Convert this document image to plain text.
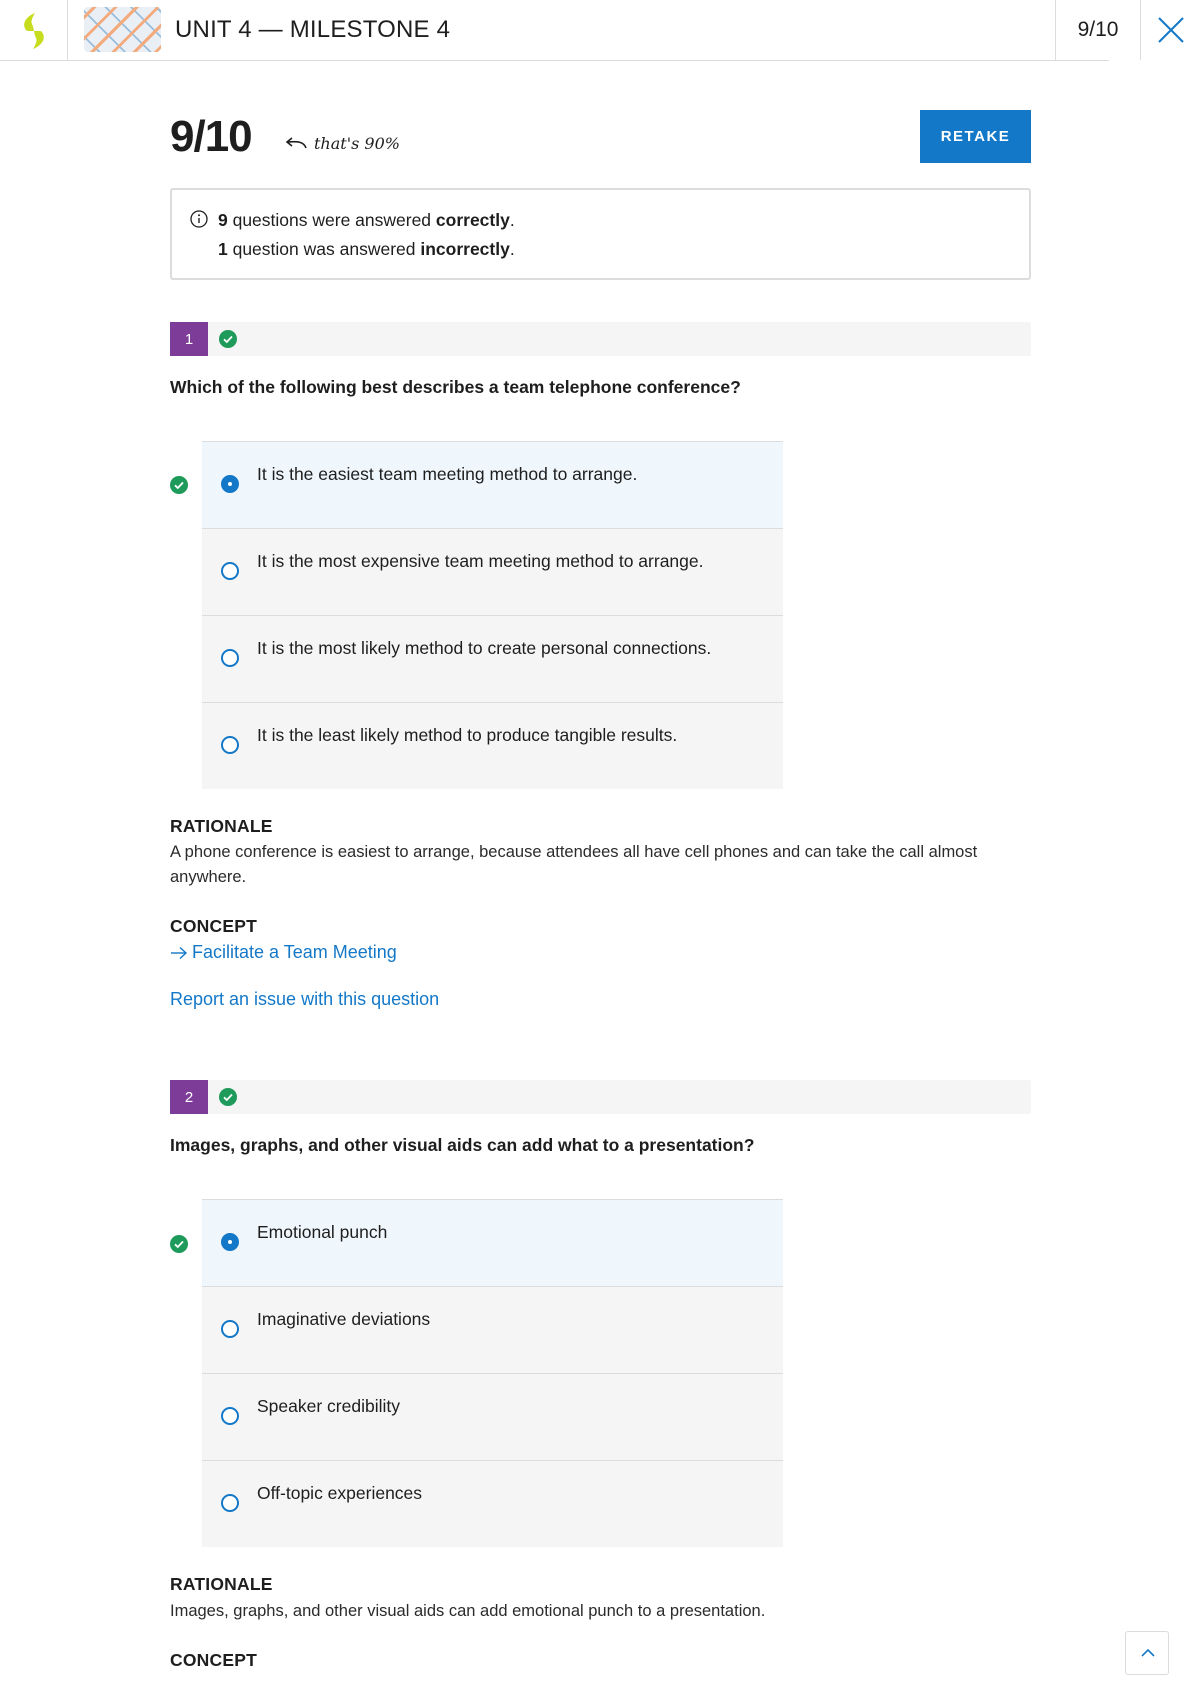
UNIT 4 — MILESTONE 4	9/10
9/10	that's 90%	RETAKE
9 questions were answered correctly.
1 question was answered incorrectly.
1
Which of the following best describes a team telephone conference?
It is the easiest team meeting method to arrange.
It is the most expensive team meeting method to arrange.
It is the most likely method to create personal connections.
It is the least likely method to produce tangible results.
RATIONALE
A phone conference is easiest to arrange, because attendees all have cell phones and can take the call almost anywhere.
CONCEPT
Facilitate a Team Meeting
Report an issue with this question
2
Images, graphs, and other visual aids can add what to a presentation?
Emotional punch
Imaginative deviations
Speaker credibility
Off-topic experiences
RATIONALE
Images, graphs, and other visual aids can add emotional punch to a presentation.
CONCEPT
